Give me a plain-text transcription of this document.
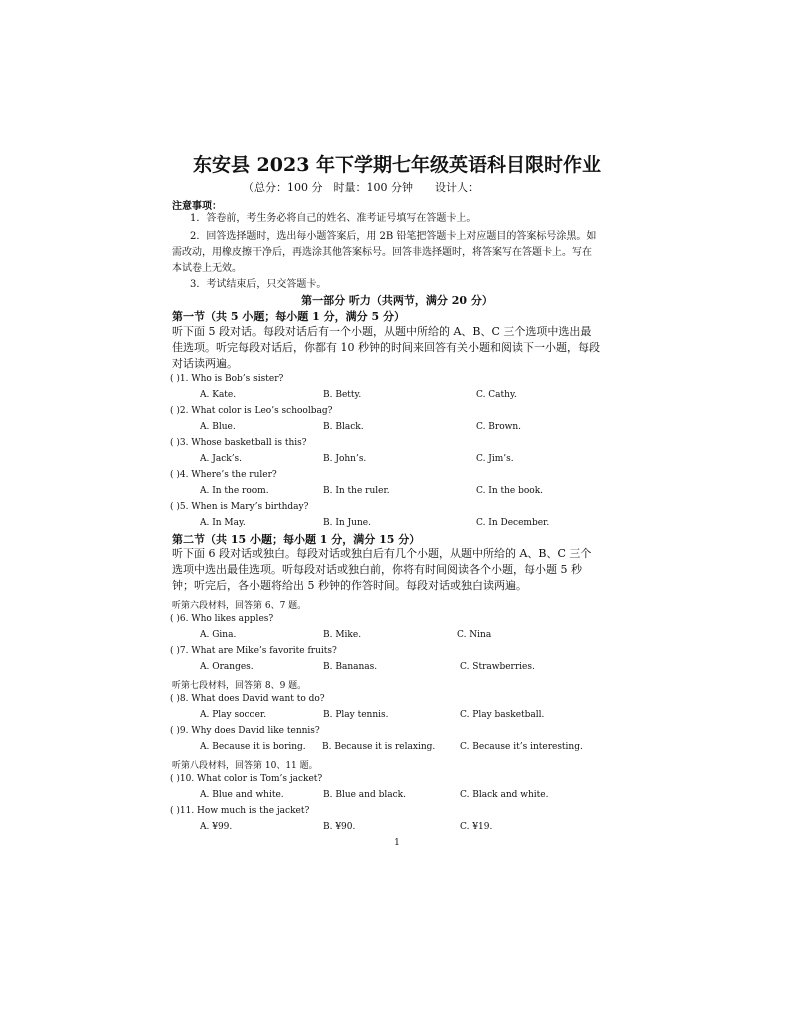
东安县 2023 年下学期七年级英语科目限时作业
（总分：100 分　时量：100 分钟　　设计人：
注意事项：
1．答卷前，考生务必将自己的姓名、准考证号填写在答题卡上。
2．回答选择题时，选出每小题答案后，用 2B 铅笔把答题卡上对应题目的答案标号涂黑。如需改动，用橡皮擦干净后，再选涂其他答案标号。回答非选择题时，将答案写在答题卡上。写在本试卷上无效。
3．考试结束后，只交答题卡。
第一部分 听力（共两节，满分 20 分）
第一节（共 5 小题；每小题 1 分，满分 5 分）
听下面 5 段对话。每段对话后有一个小题，从题中所给的 A、B、C 三个选项中选出最佳选项。听完每段对话后，你都有 10 秒钟的时间来回答有关小题和阅读下一小题，每段对话读两遍。
( )1. Who is Bob’s sister?
A. Kate.	B. Betty.	C. Cathy.
( )2. What color is Leo’s schoolbag?
A. Blue.	B. Black.	C. Brown.
( )3. Whose basketball is this?
A. Jack’s.	B. John’s.	C. Jim’s.
( )4. Where’s the ruler?
A. In the room.	B. In the ruler.	C. In the book.
( )5. When is Mary’s birthday?
A. In May.	B. In June.	C. In December.
第二节（共 15 小题；每小题 1 分，满分 15 分）
听下面 6 段对话或独白。每段对话或独白后有几个小题，从题中所给的 A、B、C 三个选项中选出最佳选项。听每段对话或独白前，你将有时间阅读各个小题，每小题 5 秒钟；听完后，各小题将给出 5 秒钟的作答时间。每段对话或独白读两遍。
听第六段材料，回答第 6、7 题。
( )6. Who likes apples?
A. Gina.	B. Mike.	C. Nina
( )7. What are Mike’s favorite fruits?
A. Oranges.	B. Bananas.	C. Strawberries.
听第七段材料，回答第 8、9 题。
( )8. What does David want to do?
A. Play soccer.	B. Play tennis.	C. Play basketball.
( )9. Why does David like tennis?
A. Because it is boring. B. Because it is relaxing.	C. Because it’s interesting.
听第八段材料，回答第 10、11 题。
( )10. What color is Tom’s jacket?
A. Blue and white.	B. Blue and black.	C. Black and white.
( )11. How much is the jacket?
A. ¥99.	B. ¥90.	C. ¥19.
1
